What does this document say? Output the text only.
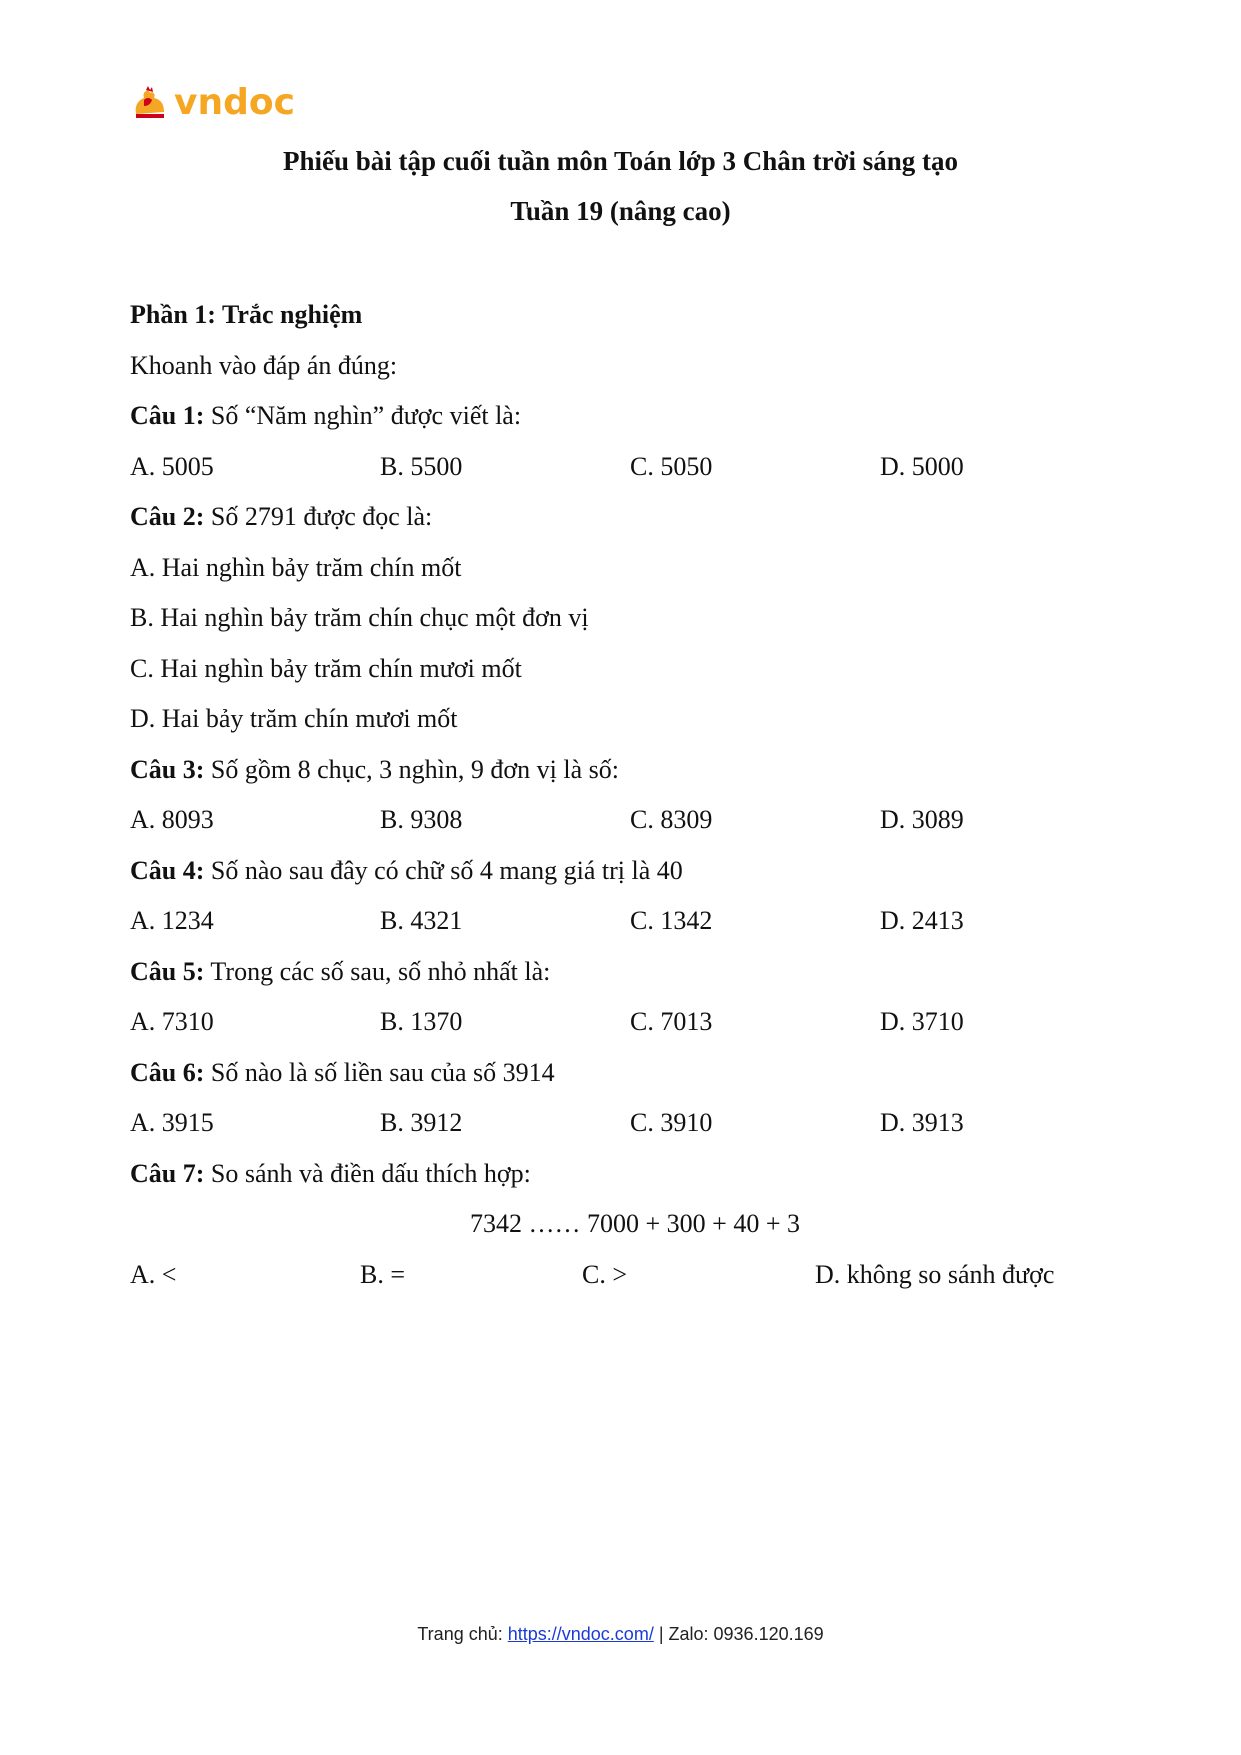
vndoc
Phiếu bài tập cuối tuần môn Toán lớp 3 Chân trời sáng tạo
Tuần 19 (nâng cao)
Phần 1: Trắc nghiệm
Khoanh vào đáp án đúng:
Câu 1: Số “Năm nghìn” được viết là:
A. 5005	B. 5500	C. 5050	D. 5000
Câu 2: Số 2791 được đọc là:
A. Hai nghìn bảy trăm chín mốt
B. Hai nghìn bảy trăm chín chục một đơn vị
C. Hai nghìn bảy trăm chín mươi mốt
D. Hai bảy trăm chín mươi mốt
Câu 3: Số gồm 8 chục, 3 nghìn, 9 đơn vị là số:
A. 8093	B. 9308	C. 8309	D. 3089
Câu 4: Số nào sau đây có chữ số 4 mang giá trị là 40
A. 1234	B. 4321	C. 1342	D. 2413
Câu 5: Trong các số sau, số nhỏ nhất là:
A. 7310	B. 1370	C. 7013	D. 3710
Câu 6: Số nào là số liền sau của số 3914
A. 3915	B. 3912	C. 3910	D. 3913
Câu 7: So sánh và điền dấu thích hợp:
7342 …… 7000 + 300 + 40 + 3
A. <	B. =	C. >	D. không so sánh được
Trang chủ: https://vndoc.com/ | Zalo: 0936.120.169
